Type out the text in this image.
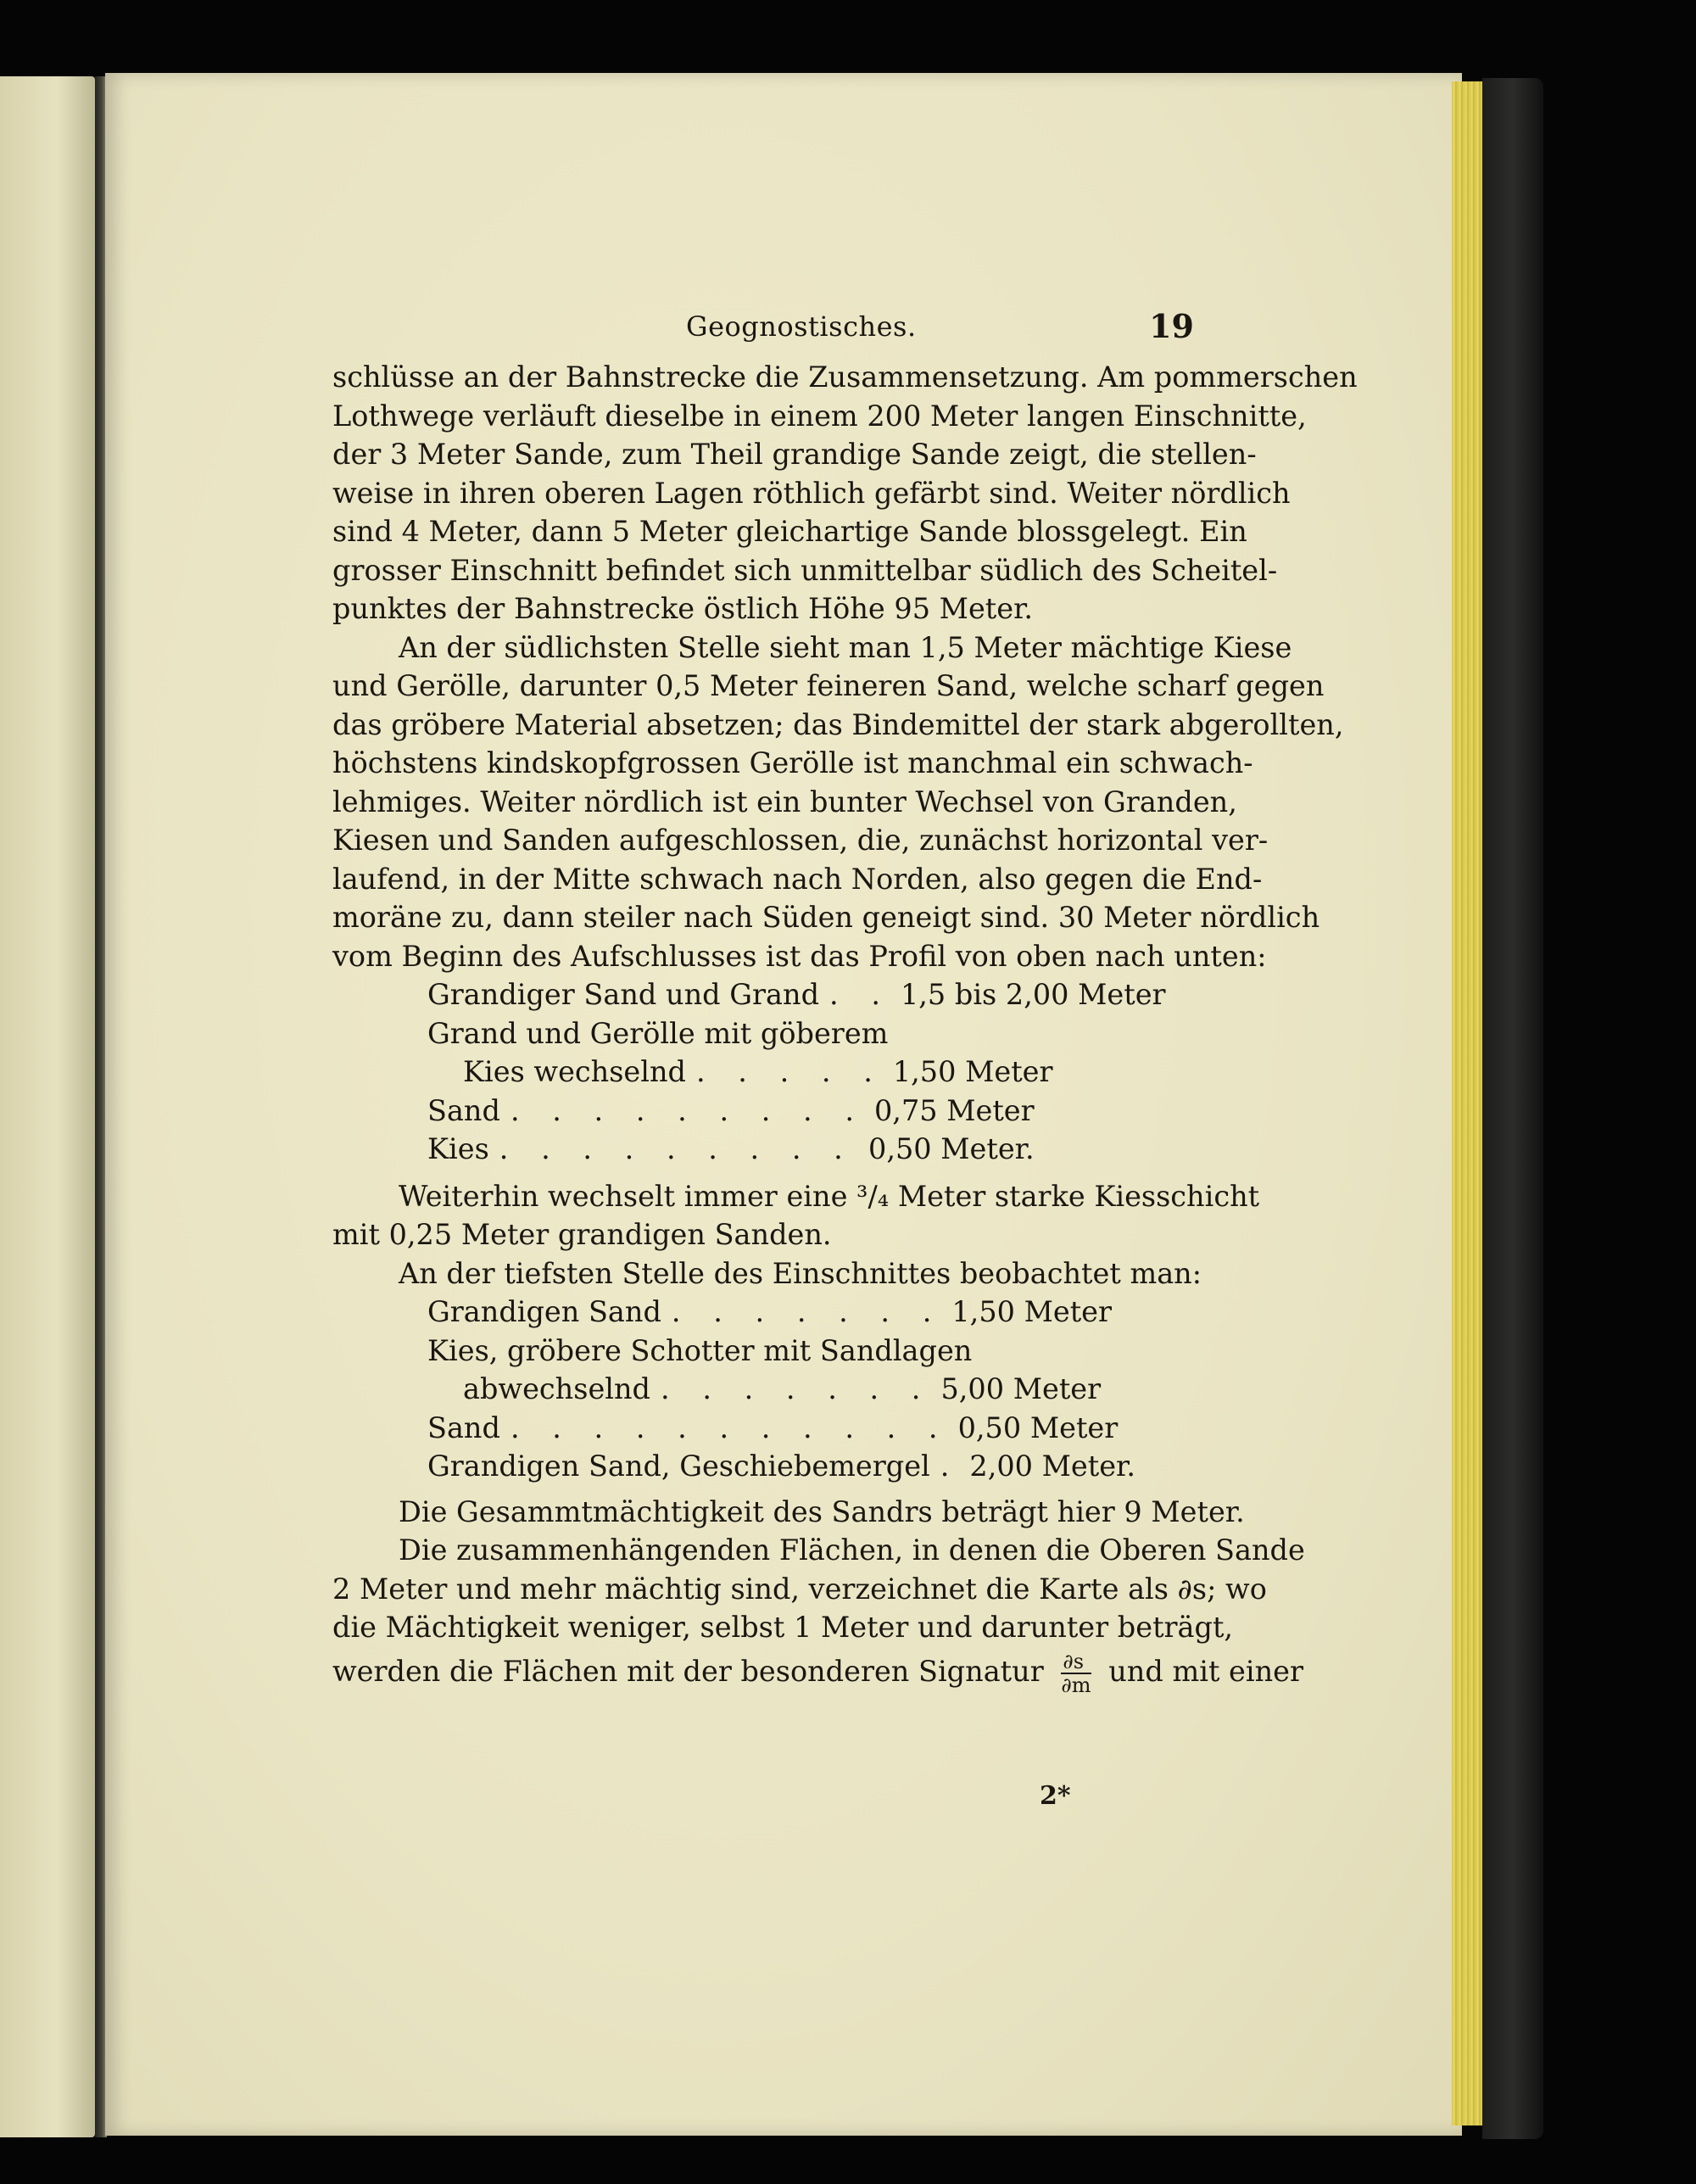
Geognostisches.	19
schlüsse an der Bahnstrecke die Zusammensetzung. Am pommerschen
Lothwege verläuft dieselbe in einem 200 Meter langen Einschnitte,
der 3 Meter Sande, zum Theil grandige Sande zeigt, die stellen-
weise in ihren oberen Lagen röthlich gefärbt sind. Weiter nördlich
sind 4 Meter, dann 5 Meter gleichartige Sande blossgelegt. Ein
grosser Einschnitt befindet sich unmittelbar südlich des Scheitel-
punktes der Bahnstrecke östlich Höhe 95 Meter.
An der südlichsten Stelle sieht man 1,5 Meter mächtige Kiese
und Gerölle, darunter 0,5 Meter feineren Sand, welche scharf gegen
das gröbere Material absetzen; das Bindemittel der stark abgerollten,
höchstens kindskopfgrossen Gerölle ist manchmal ein schwach-
lehmiges. Weiter nördlich ist ein bunter Wechsel von Granden,
Kiesen und Sanden aufgeschlossen, die, zunächst horizontal ver-
laufend, in der Mitte schwach nach Norden, also gegen die End-
moräne zu, dann steiler nach Süden geneigt sind. 30 Meter nördlich
vom Beginn des Aufschlusses ist das Profil von oben nach unten:
Grandiger Sand und Grand . . 1,5 bis 2,00 Meter
Grand und Gerölle mit göberem
Kies wechselnd . . . . . 1,50 Meter
Sand . . . . . . . . . 0,75 Meter
Kies . . . . . . . . . 0,50 Meter.
Weiterhin wechselt immer eine ³/₄ Meter starke Kiesschicht
mit 0,25 Meter grandigen Sanden.
An der tiefsten Stelle des Einschnittes beobachtet man:
Grandigen Sand . . . . . . . 1,50 Meter
Kies, gröbere Schotter mit Sandlagen
abwechselnd . . . . . . . 5,00 Meter
Sand . . . . . . . . . . . 0,50 Meter
Grandigen Sand, Geschiebemergel . 2,00 Meter.
Die Gesammtmächtigkeit des Sandrs beträgt hier 9 Meter.
Die zusammenhängenden Flächen, in denen die Oberen Sande
2 Meter und mehr mächtig sind, verzeichnet die Karte als ∂s; wo
die Mächtigkeit weniger, selbst 1 Meter und darunter beträgt,
werden die Flächen mit der besonderen Signatur $\frac{\partial s}{\partial m}$ und mit einer
2*
